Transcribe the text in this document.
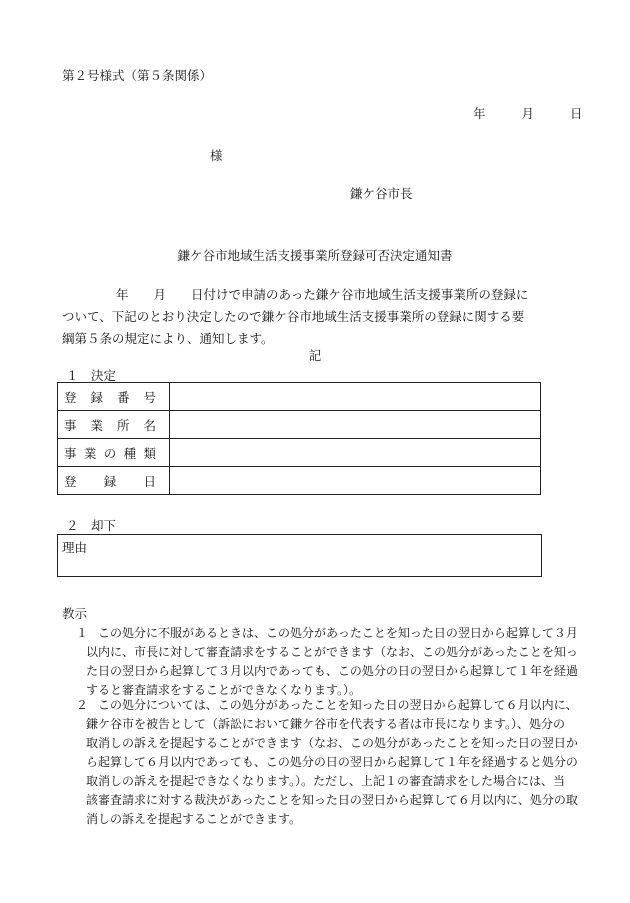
第２号様式（第５条関係）
年	月	日
様
鎌ケ谷市長
鎌ケ谷市地域生活支援事業所登録可否決定通知書
年　　月　　日付けで申請のあった鎌ケ谷市地域生活支援事業所の登録に
ついて、下記のとおり決定したので鎌ケ谷市地域生活支援事業所の登録に関する要
綱第５条の規定により、通知します。
記
１　決定
登 録 番 号	

事 業 所 名	

事 業 の 種 類	

登 録 日	

２　却下
理由
教示
１ この処分に不服があるときは、この処分があったことを知った日の翌日から起算して３月
以内に、市長に対して審査請求をすることができます（なお、この処分があったことを知っ
た日の翌日から起算して３月以内であっても、この処分の日の翌日から起算して１年を経過
すると審査請求をすることができなくなります。）。
２ この処分については、この処分があったことを知った日の翌日から起算して６月以内に、
鎌ケ谷市を被告として（訴訟において鎌ケ谷市を代表する者は市長になります。）、処分の
取消しの訴えを提起することができます（なお、この処分があったことを知った日の翌日か
ら起算して６月以内であっても、この処分の日の翌日から起算して１年を経過すると処分の
取消しの訴えを提起できなくなります。）。ただし、上記１の審査請求をした場合には、当
該審査請求に対する裁決があったことを知った日の翌日から起算して６月以内に、処分の取
消しの訴えを提起することができます。
